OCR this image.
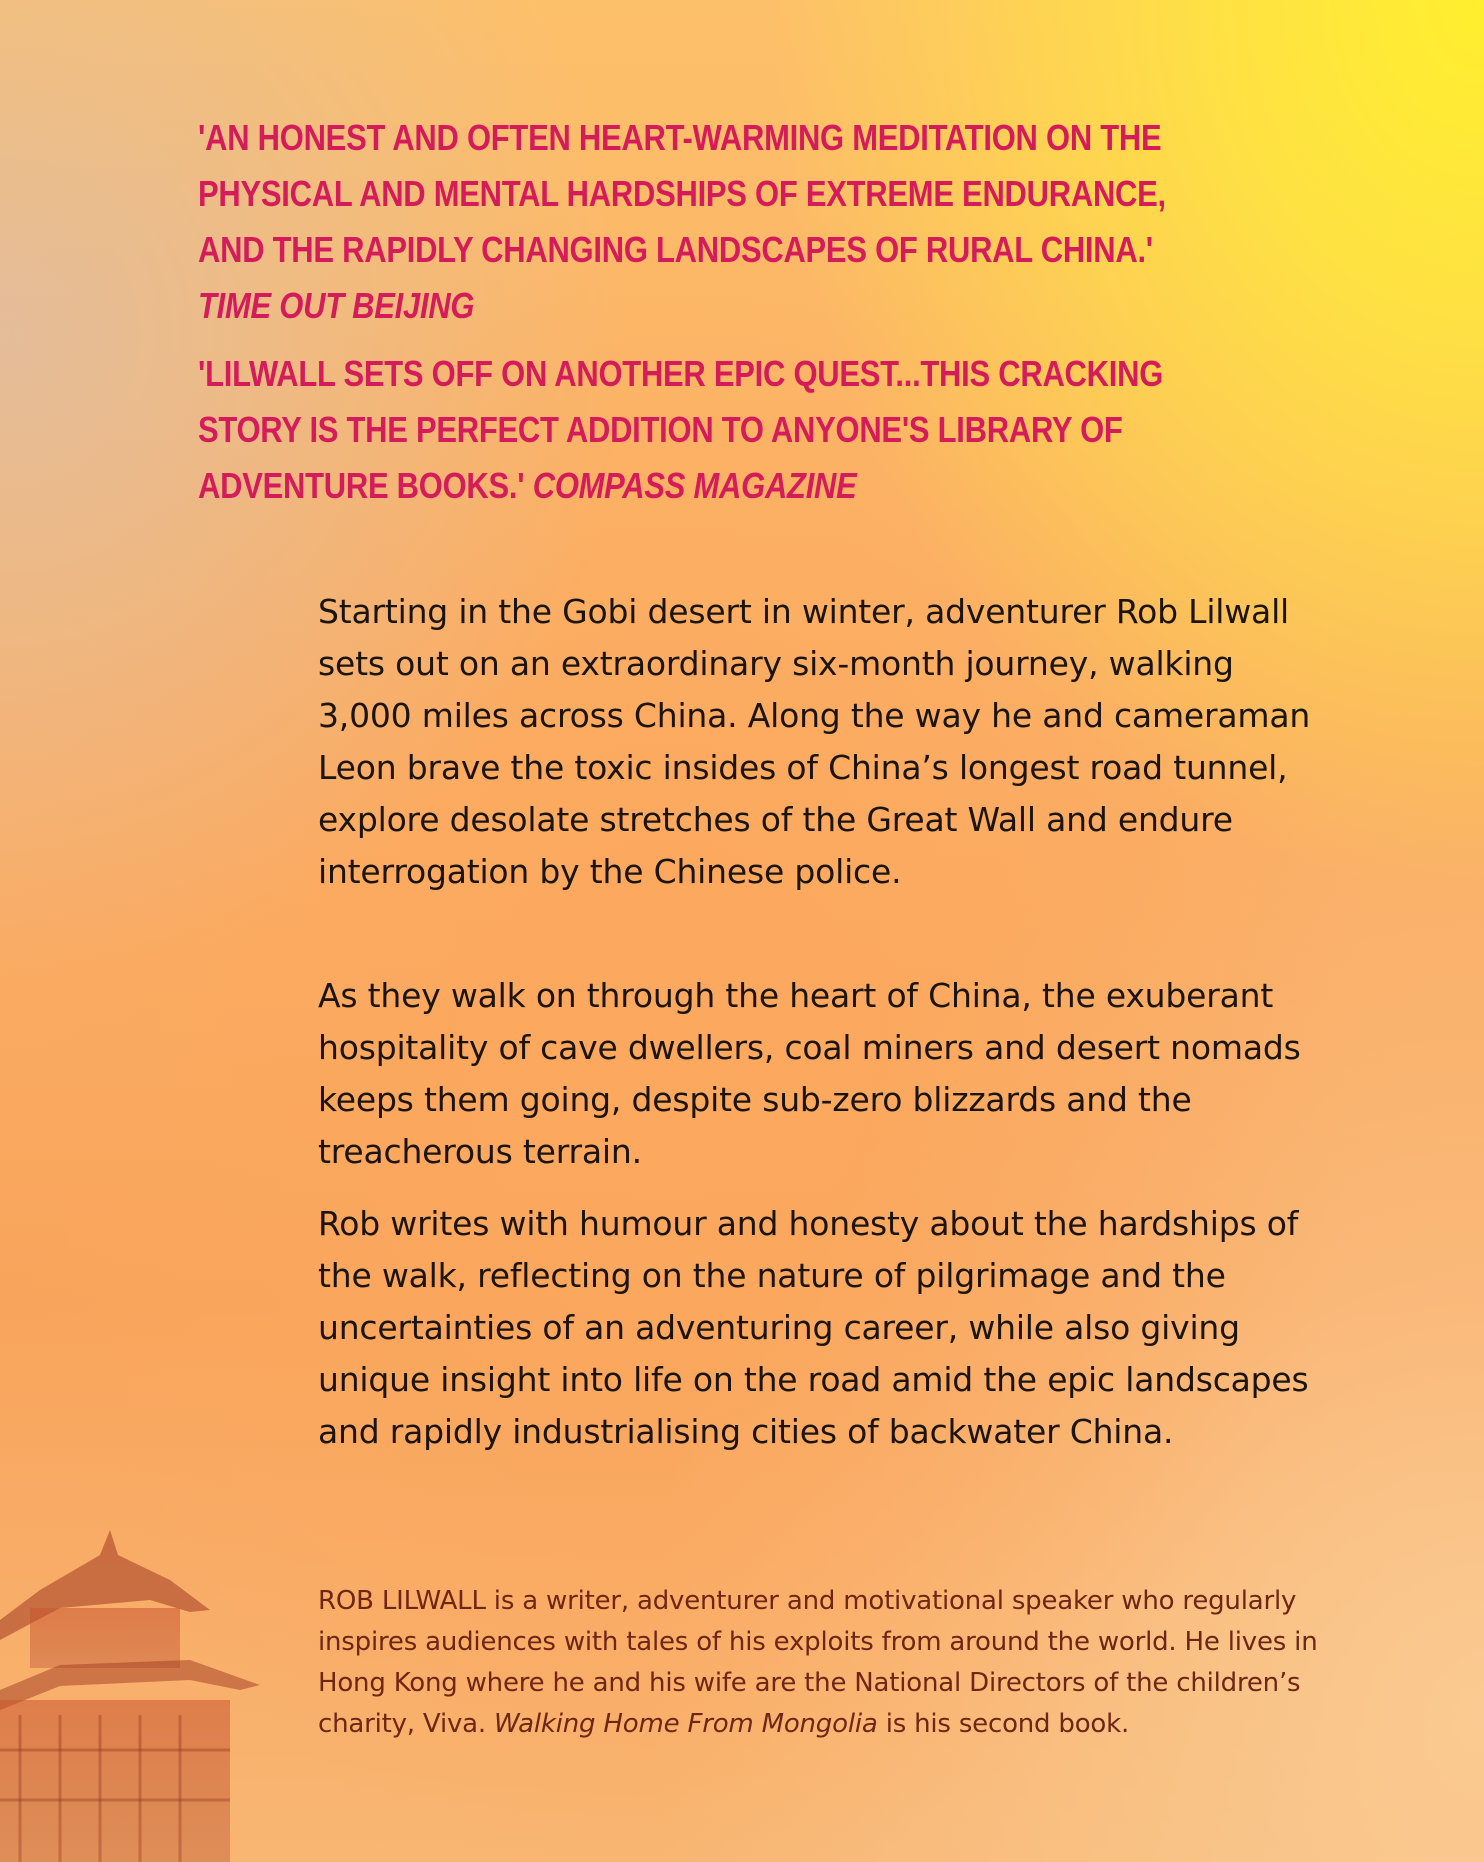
'AN HONEST AND OFTEN HEART-WARMING MEDITATION ON THE PHYSICAL AND MENTAL HARDSHIPS OF EXTREME ENDURANCE, AND THE RAPIDLY CHANGING LANDSCAPES OF RURAL CHINA.' TIME OUT BEIJING
'LILWALL SETS OFF ON ANOTHER EPIC QUEST...THIS CRACKING STORY IS THE PERFECT ADDITION TO ANYONE'S LIBRARY OF ADVENTURE BOOKS.' COMPASS MAGAZINE

Starting in the Gobi desert in winter, adventurer Rob Lilwall sets out on an extraordinary six-month journey, walking 3,000 miles across China. Along the way he and cameraman Leon brave the toxic insides of China’s longest road tunnel, explore desolate stretches of the Great Wall and endure interrogation by the Chinese police.

As they walk on through the heart of China, the exuberant hospitality of cave dwellers, coal miners and desert nomads keeps them going, despite sub-zero blizzards and the treacherous terrain.

Rob writes with humour and honesty about the hardships of the walk, reflecting on the nature of pilgrimage and the uncertainties of an adventuring career, while also giving unique insight into life on the road amid the epic landscapes and rapidly industrialising cities of backwater China.

ROB LILWALL is a writer, adventurer and motivational speaker who regularly inspires audiences with tales of his exploits from around the world. He lives in Hong Kong where he and his wife are the National Directors of the children’s charity, Viva. Walking Home From Mongolia is his second book.
